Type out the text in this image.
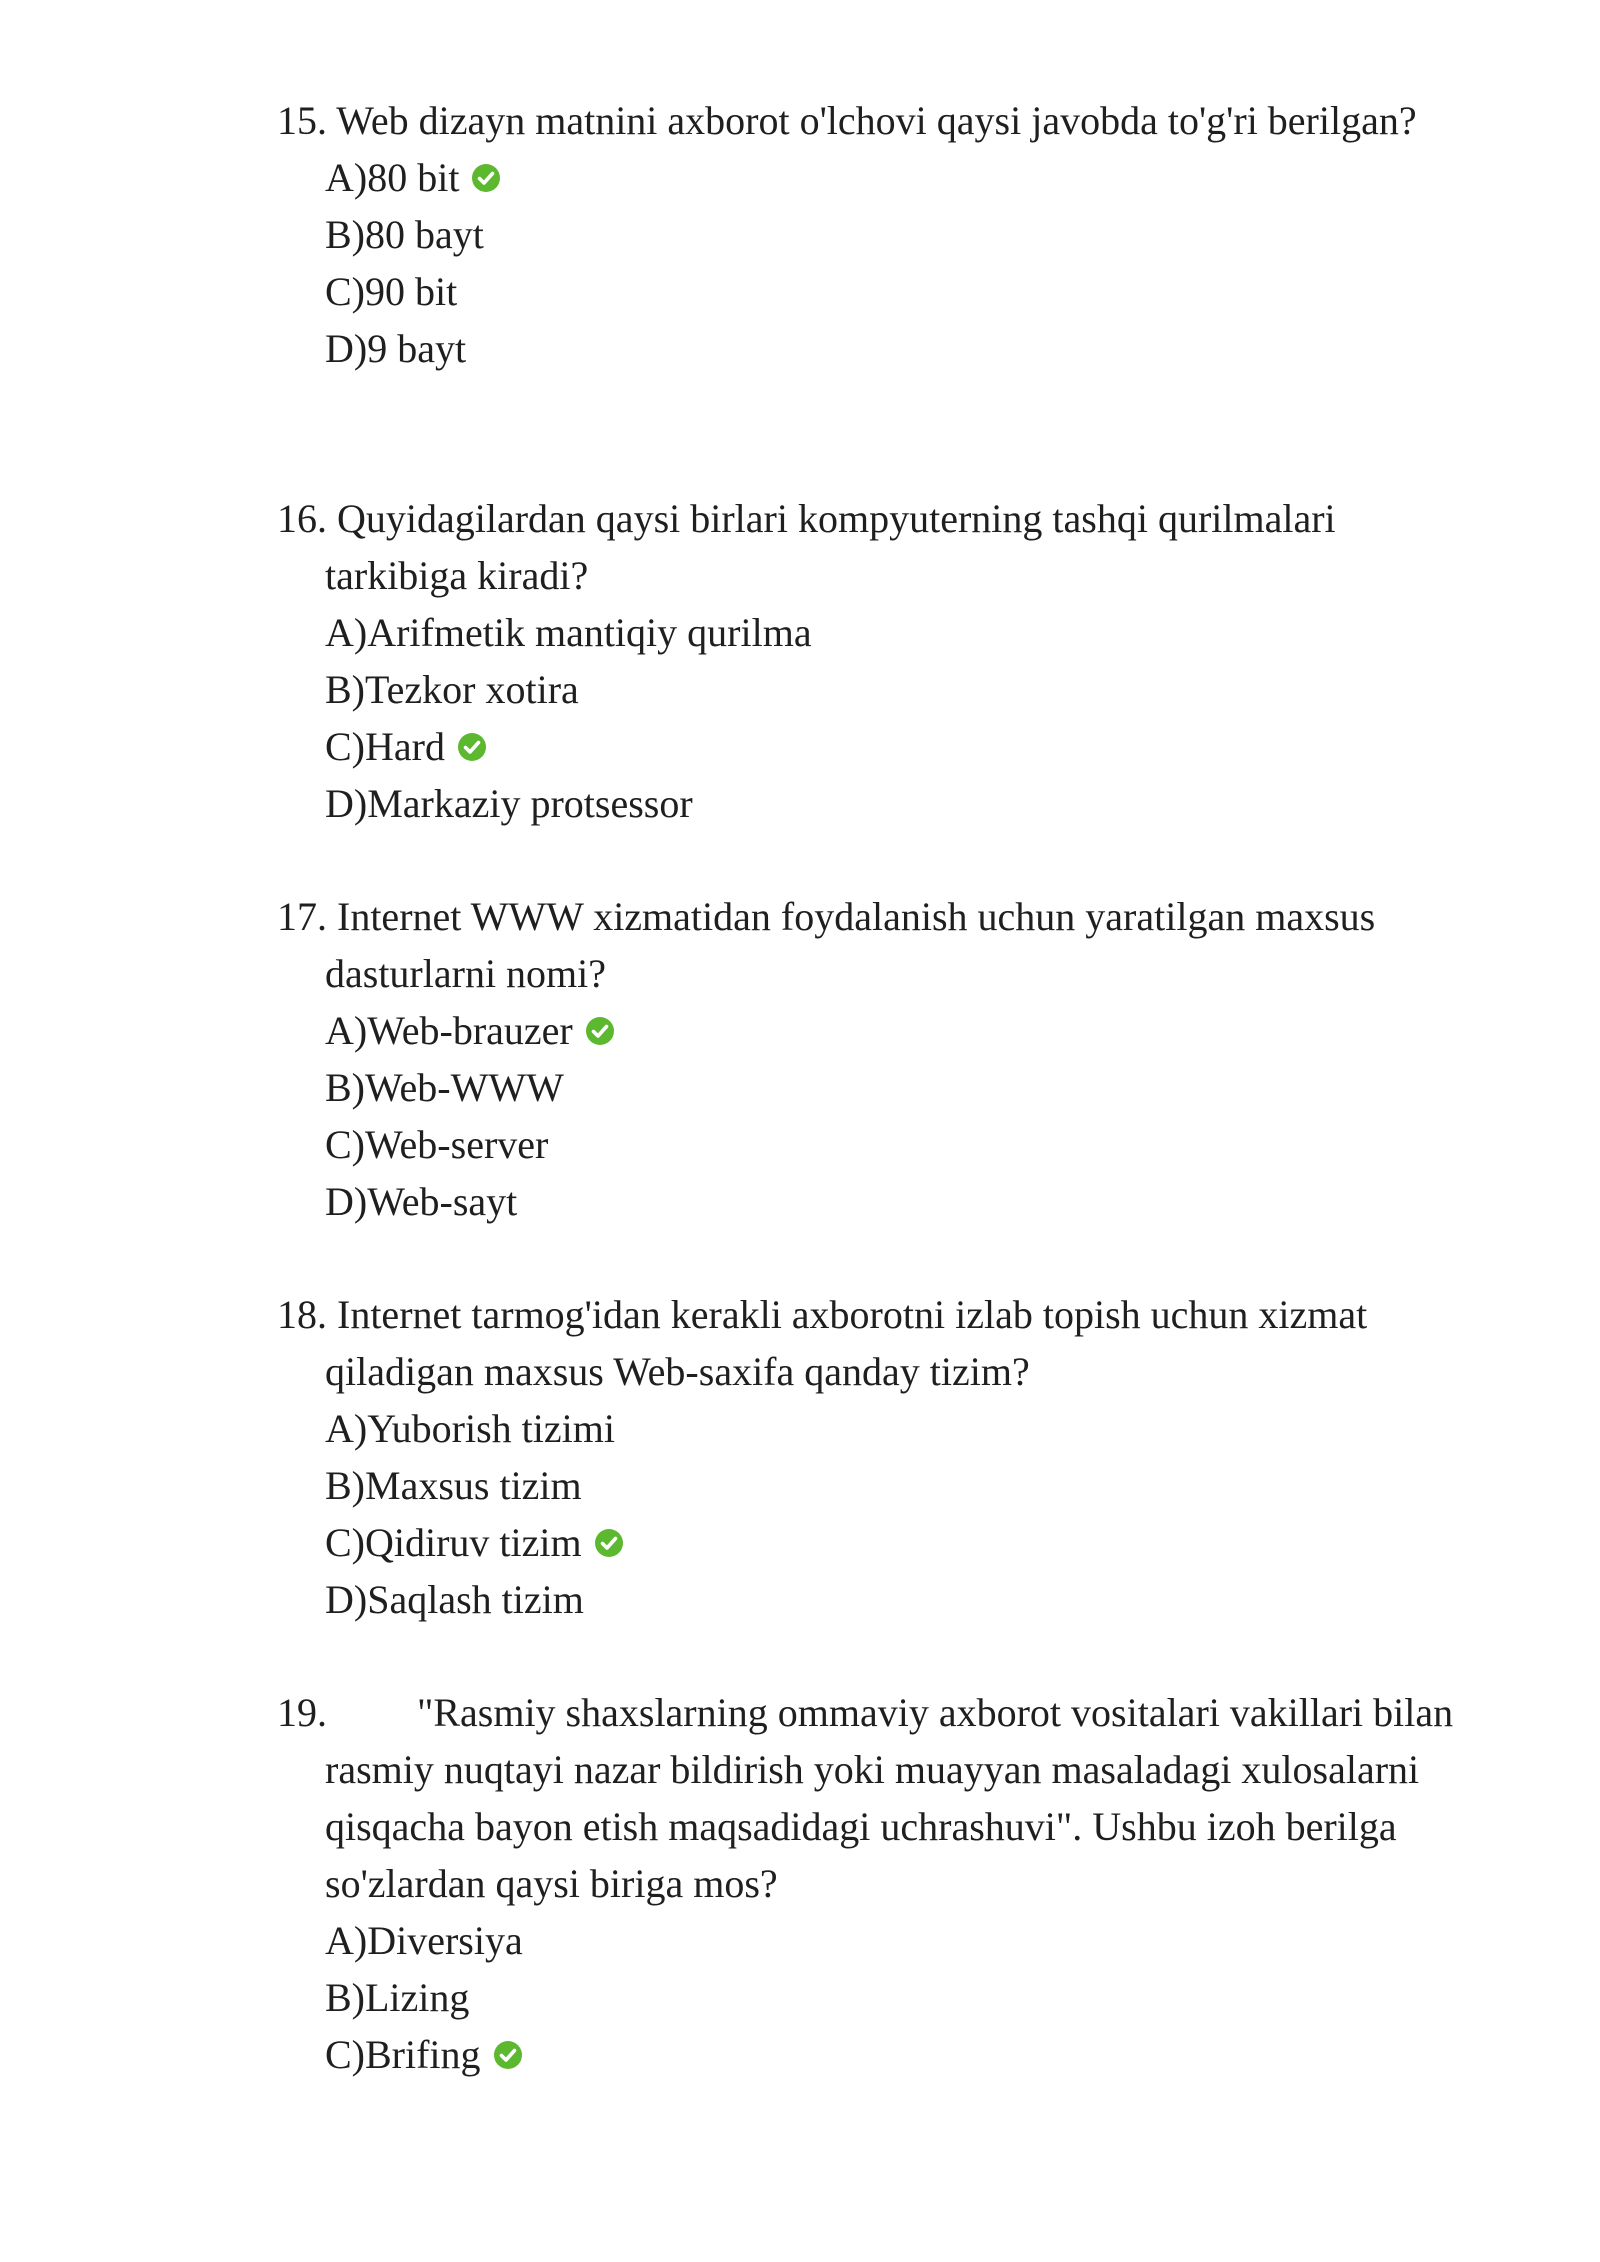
15. Web dizayn matnini axborot o'lchovi qaysi javobda to'g'ri berilgan?
A) 80 bit
B) 80 bayt
C) 90 bit
D) 9 bayt
16. Quyidagilardan qaysi birlari kompyuterning tashqi qurilmalari tarkibiga kiradi?
A) Arifmetik mantiqiy qurilma
B) Tezkor xotira
C) Hard
D) Markaziy protsessor
17. Internet WWW xizmatidan foydalanish uchun yaratilgan maxsus dasturlarni nomi?
A) Web-brauzer
B) Web-WWW
C) Web-server
D) Web-sayt
18. Internet tarmog'idan kerakli axborotni izlab topish uchun xizmat qiladigan maxsus Web-saxifa qanday tizim?
A) Yuborish tizimi
B) Maxsus tizim
C) Qidiruv tizim
D) Saqlash tizim
19. "Rasmiy shaxslarning ommaviy axborot vositalari vakillari bilan rasmiy nuqtayi nazar bildirish yoki muayyan masaladagi xulosalarni qisqacha bayon etish maqsadidagi uchrashuvi". Ushbu izoh berilga so'zlardan qaysi biriga mos?
A) Diversiya
B) Lizing
C) Brifing
